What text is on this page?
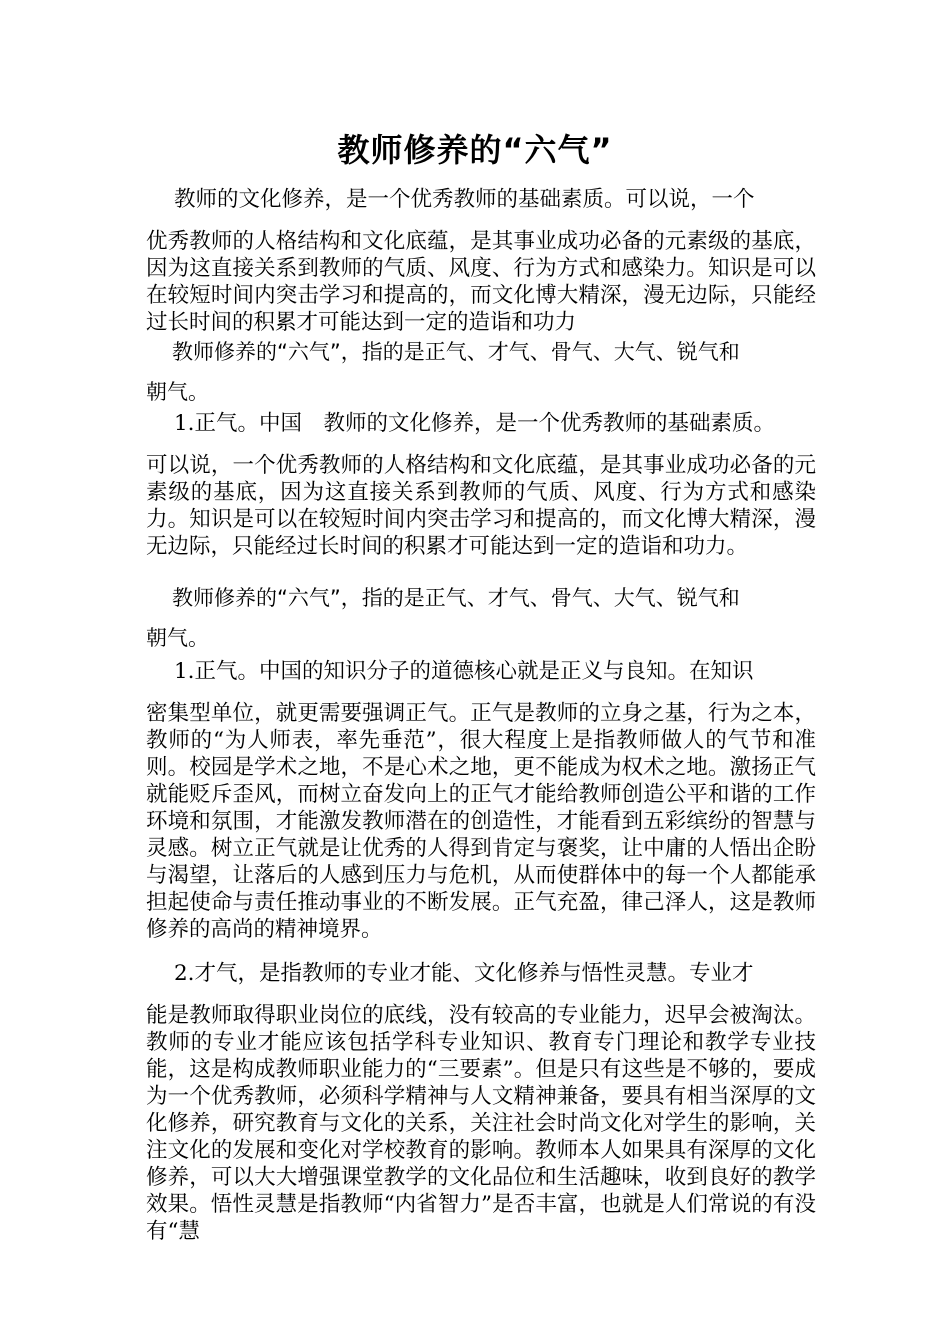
教师修养的“六气”
教师的文化修养，是一个优秀教师的基础素质。可以说，一个
优秀教师的人格结构和文化底蕴，是其事业成功必备的元素级的基底，因为这直接关系到教师的气质、风度、行为方式和感染力。知识是可以在较短时间内突击学习和提高的，而文化博大精深，漫无边际，只能经过长时间的积累才可能达到一定的造诣和功力
教师修养的“六气”，指的是正气、才气、骨气、大气、锐气和
朝气。
1.正气。中国　教师的文化修养，是一个优秀教师的基础素质。
可以说，一个优秀教师的人格结构和文化底蕴，是其事业成功必备的元素级的基底，因为这直接关系到教师的气质、风度、行为方式和感染力。知识是可以在较短时间内突击学习和提高的，而文化博大精深，漫无边际，只能经过长时间的积累才可能达到一定的造诣和功力。
教师修养的“六气”，指的是正气、才气、骨气、大气、锐气和
朝气。
1.正气。中国的知识分子的道德核心就是正义与良知。在知识
密集型单位，就更需要强调正气。正气是教师的立身之基，行为之本，教师的“为人师表，率先垂范”，很大程度上是指教师做人的气节和准则。校园是学术之地，不是心术之地，更不能成为权术之地。激扬正气就能贬斥歪风，而树立奋发向上的正气才能给教师创造公平和谐的工作环境和氛围，才能激发教师潜在的创造性，才能看到五彩缤纷的智慧与灵感。树立正气就是让优秀的人得到肯定与褒奖，让中庸的人悟出企盼与渴望，让落后的人感到压力与危机，从而使群体中的每一个人都能承担起使命与责任推动事业的不断发展。正气充盈，律己泽人，这是教师修养的高尚的精神境界。
2.才气，是指教师的专业才能、文化修养与悟性灵慧。专业才
能是教师取得职业岗位的底线，没有较高的专业能力，迟早会被淘汰。教师的专业才能应该包括学科专业知识、教育专门理论和教学专业技能，这是构成教师职业能力的“三要素”。但是只有这些是不够的，要成为一个优秀教师，必须科学精神与人文精神兼备，要具有相当深厚的文化修养，研究教育与文化的关系，关注社会时尚文化对学生的影响，关注文化的发展和变化对学校教育的影响。教师本人如果具有深厚的文化修养，可以大大增强课堂教学的文化品位和生活趣味，收到良好的教学效果。悟性灵慧是指教师“内省智力”是否丰富，也就是人们常说的有没有“慧
